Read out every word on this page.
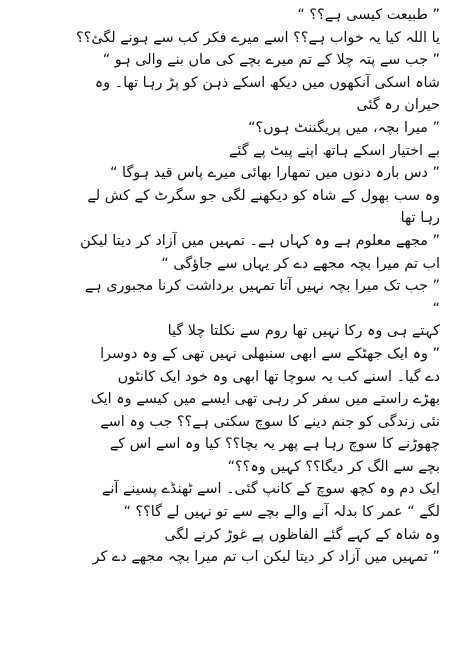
” طبیعت کیسی ہے؟؟ “
یا اللہ کیا یہ خواب ہے؟؟ اسے میرے فکر کب سے ہونے لگئ؟؟
” جب سے پتہ چلا کے تم میرے بچے کی ماں بنے والی ہو “
شاہ اسکی آنکھوں میں دیکھ اسکے ذہن کو پڑ رہا تھا۔ وہ
حیران رہ گئی
” میرا بچہ، میں پریگننٹ ہوں؟“
بے اختیار اسکے ہاتھ اپنے پیٹ پے گئے
” دس بارہ دنوں میں تمھارا بھائی میرے پاس قید ہوگا “
وہ سب بھول کے شاہ کو دیکھنے لگی جو سگرٹ کے کش لے
رہا تھا
” مجھے معلوم ہے وہ کہاں ہے۔ تمہیں میں آزاد کر دیتا لیکن
اب تم میرا بچہ مجھے دے کر یہاں سے جاؤگی “
” جب تک میرا بچہ نہیں آتا تمہیں برداشت کرنا مجبوری ہے
“
کہتے ہی وہ رکا نہیں تھا روم سے نکلتا چلا گیا
” وہ ایک جھٹکے سے ابھی سنبھلی نہیں تھی کے وہ دوسرا
دے گیا۔ اسنے کب یہ سوچا تھا ابھی وہ خود ایک کانٹوں
بھڑے راستے میں سفر کر رہی تھی ایسے میں کیسے وہ ایک
نئی زندگی کو جنم دینے کا سوچ سکتی ہے؟؟ جب وہ اسے
چھوڑنے کا سوچ رہا ہے پھر یہ بچا؟؟ کیا وہ اسے اس کے
بچے سے الگ کر دیگا؟؟ کہیں وہ؟؟“
ایک دم وہ کچھ سوچ کے کانپ گئی۔ اسے ٹھنڈے پسینے آنے
لگے “ عمر کا بدلہ آنے والے بچے سے تو نہیں لے گا؟؟ “
وہ شاہ کے کہے گئے الفاظوں پے غوڑ کرنے لگی
” تمہیں میں آزاد کر دیتا لیکن اب تم میرا بچہ مجھے دے کر
